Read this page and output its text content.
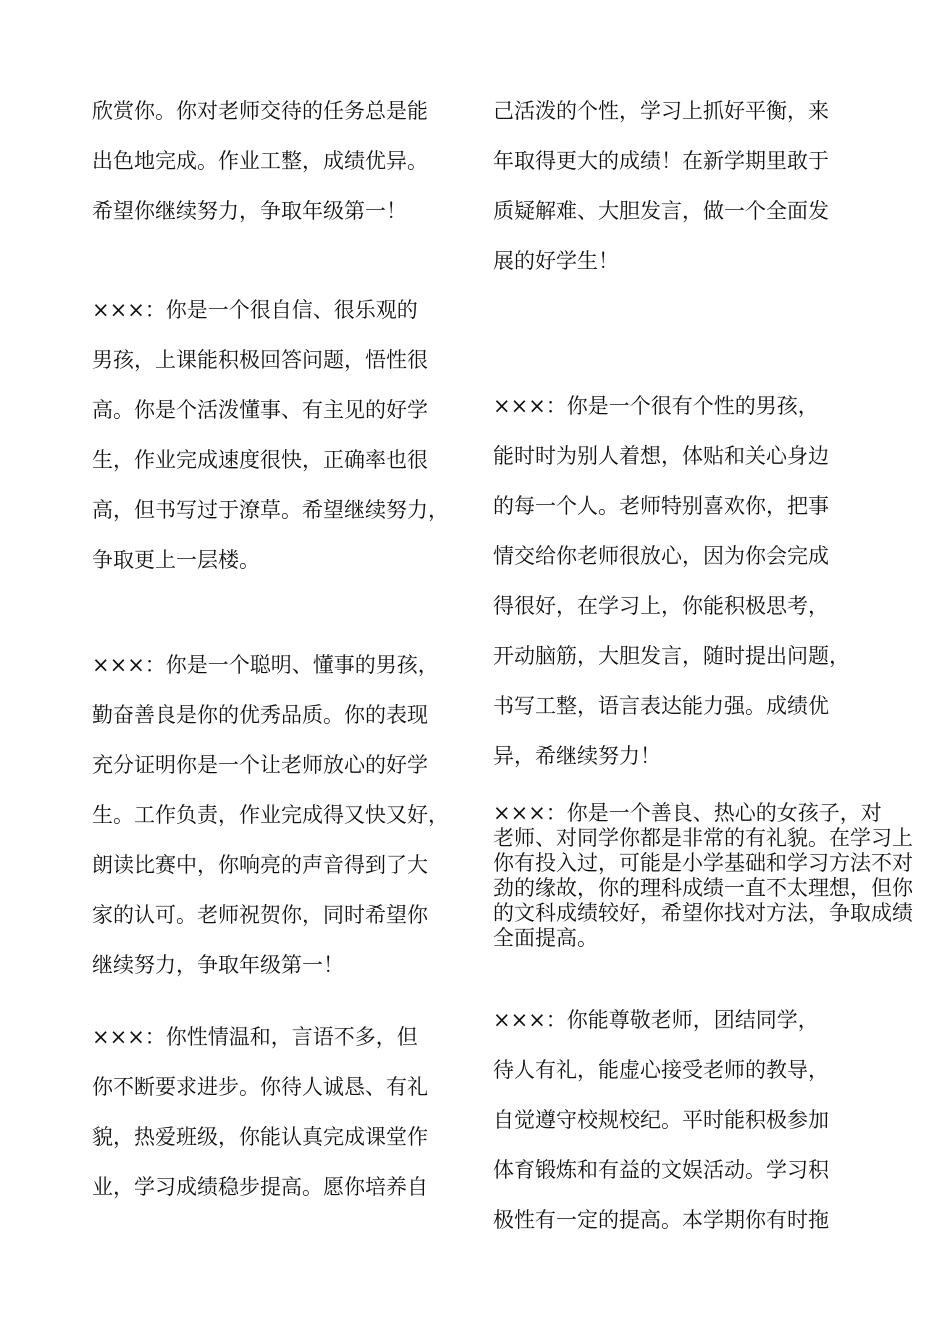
欣赏你。你对老师交待的任务总是能
出色地完成。作业工整，成绩优异。
希望你继续努力，争取年级第一！
×××：你是一个很自信、很乐观的
男孩，上课能积极回答问题，悟性很
高。你是个活泼懂事、有主见的好学
生，作业完成速度很快，正确率也很
高，但书写过于潦草。希望继续努力，
争取更上一层楼。
×××：你是一个聪明、懂事的男孩，
勤奋善良是你的优秀品质。你的表现
充分证明你是一个让老师放心的好学
生。工作负责，作业完成得又快又好，
朗读比赛中，你响亮的声音得到了大
家的认可。老师祝贺你，同时希望你
继续努力，争取年级第一！
×××：你性情温和，言语不多，但
你不断要求进步。你待人诚恳、有礼
貌，热爱班级，你能认真完成课堂作
业，学习成绩稳步提高。愿你培养自
己活泼的个性，学习上抓好平衡，来
年取得更大的成绩！在新学期里敢于
质疑解难、大胆发言，做一个全面发
展的好学生！
×××：你是一个很有个性的男孩，
能时时为别人着想，体贴和关心身边
的每一个人。老师特别喜欢你，把事
情交给你老师很放心，因为你会完成
得很好，在学习上，你能积极思考，
开动脑筋，大胆发言，随时提出问题，
书写工整，语言表达能力强。成绩优
异，希继续努力！
×××：你是一个善良、热心的女孩子，对
老师、对同学你都是非常的有礼貌。在学习上
你有投入过，可能是小学基础和学习方法不对
劲的缘故，你的理科成绩一直不太理想，但你
的文科成绩较好，希望你找对方法，争取成绩
全面提高。
×××：你能尊敬老师，团结同学，
待人有礼，能虚心接受老师的教导，
自觉遵守校规校纪。平时能积极参加
体育锻炼和有益的文娱活动。学习积
极性有一定的提高。本学期你有时拖
